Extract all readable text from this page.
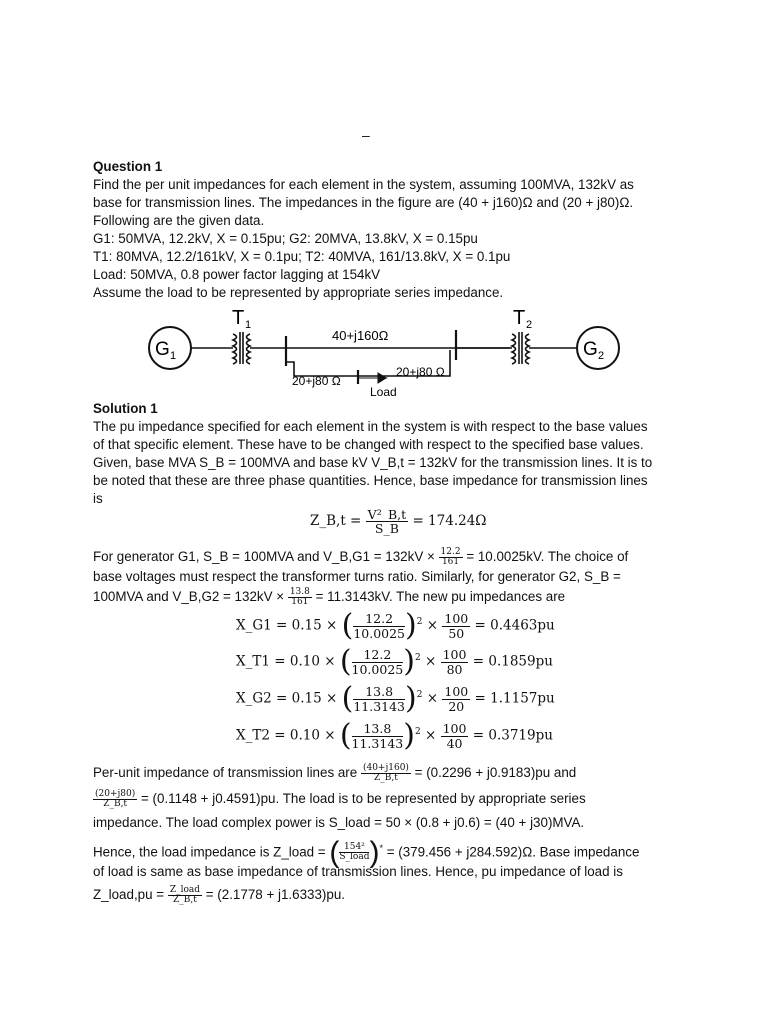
–
Question 1
Find the per unit impedances for each element in the system, assuming 100MVA, 132kV as
base for transmission lines. The impedances in the figure are (40 + j160)Ω and (20 + j80)Ω.
Following are the given data.
G1: 50MVA, 12.2kV, X = 0.15pu; G2: 20MVA, 13.8kV, X = 0.15pu
T1: 80MVA, 12.2/161kV, X = 0.1pu; T2: 40MVA, 161/13.8kV, X = 0.1pu
Load: 50MVA, 0.8 power factor lagging at 154kV
Assume the load to be represented by appropriate series impedance.
G 1
T 1
40+j160Ω
20+j80 Ω
20+j80 Ω
Load
T 2
G 2
Solution 1
The pu impedance specified for each element in the system is with respect to the base values
of that specific element. These have to be changed with respect to the specified base values.
Given, base MVA S_B = 100MVA and base kV V_B,t = 132kV for the transmission lines. It is to
be noted that these are three phase quantities. Hence, base impedance for transmission lines
is
Z_B,t = $\frac{\text{V²\_B,t}}{S\_B} = 174.24\Omega$
For generator G1, S_B = 100MVA and V_B,G1 = $132kV \times \frac{12.2}{161} = 10.0025kV$. The choice of
base voltages must respect the transformer turns ratio. Similarly, for generator G2, S_B =
100MVA and V_B,G2 = $132kV \times \frac{13.8}{161} = 11.3143kV$. The new pu impedances are
X_G1 = 0.15 × ( $\frac{12.2}{10.0025} )^2 \times \frac{100}{50} = 0.4463pu$
X_T1 = 0.10 × ( $\frac{12.2}{10.0025} )^2 \times \frac{100}{80} = 0.1859pu$
X_G2 = 0.15 × ( $\frac{13.8}{11.3143} )^2 \times \frac{100}{20} = 1.1157pu$
X_T2 = 0.10 × ( $\frac{13.8}{11.3143} )^2 \times \frac{100}{40} = 0.3719pu$
Per-unit impedance of transmission lines are $\frac{(40+j160)}{Z\_B,t} = (0.2296 + j0.9183)pu$ and
$\frac{(20+j80)}{Z\_B,t} = (0.1148 + j0.4591)pu$. The load is to be represented by appropriate series
impedance. The load complex power is S_load = 50 × (0.8 + j0.6) = (40 + j30)MVA.
Hence, the load impedance is Z_load = ( $\frac{\text{154²}}{\text{S\_load}} )^* = (379.456 + j284.592)\Omega$. Base impedance
of load is same as base impedance of transmission lines. Hence, pu impedance of load is
Z_load,pu = $\frac{\text{Z\_load}}{Z\_B,t} = (2.1778 + j1.6333)pu$.
